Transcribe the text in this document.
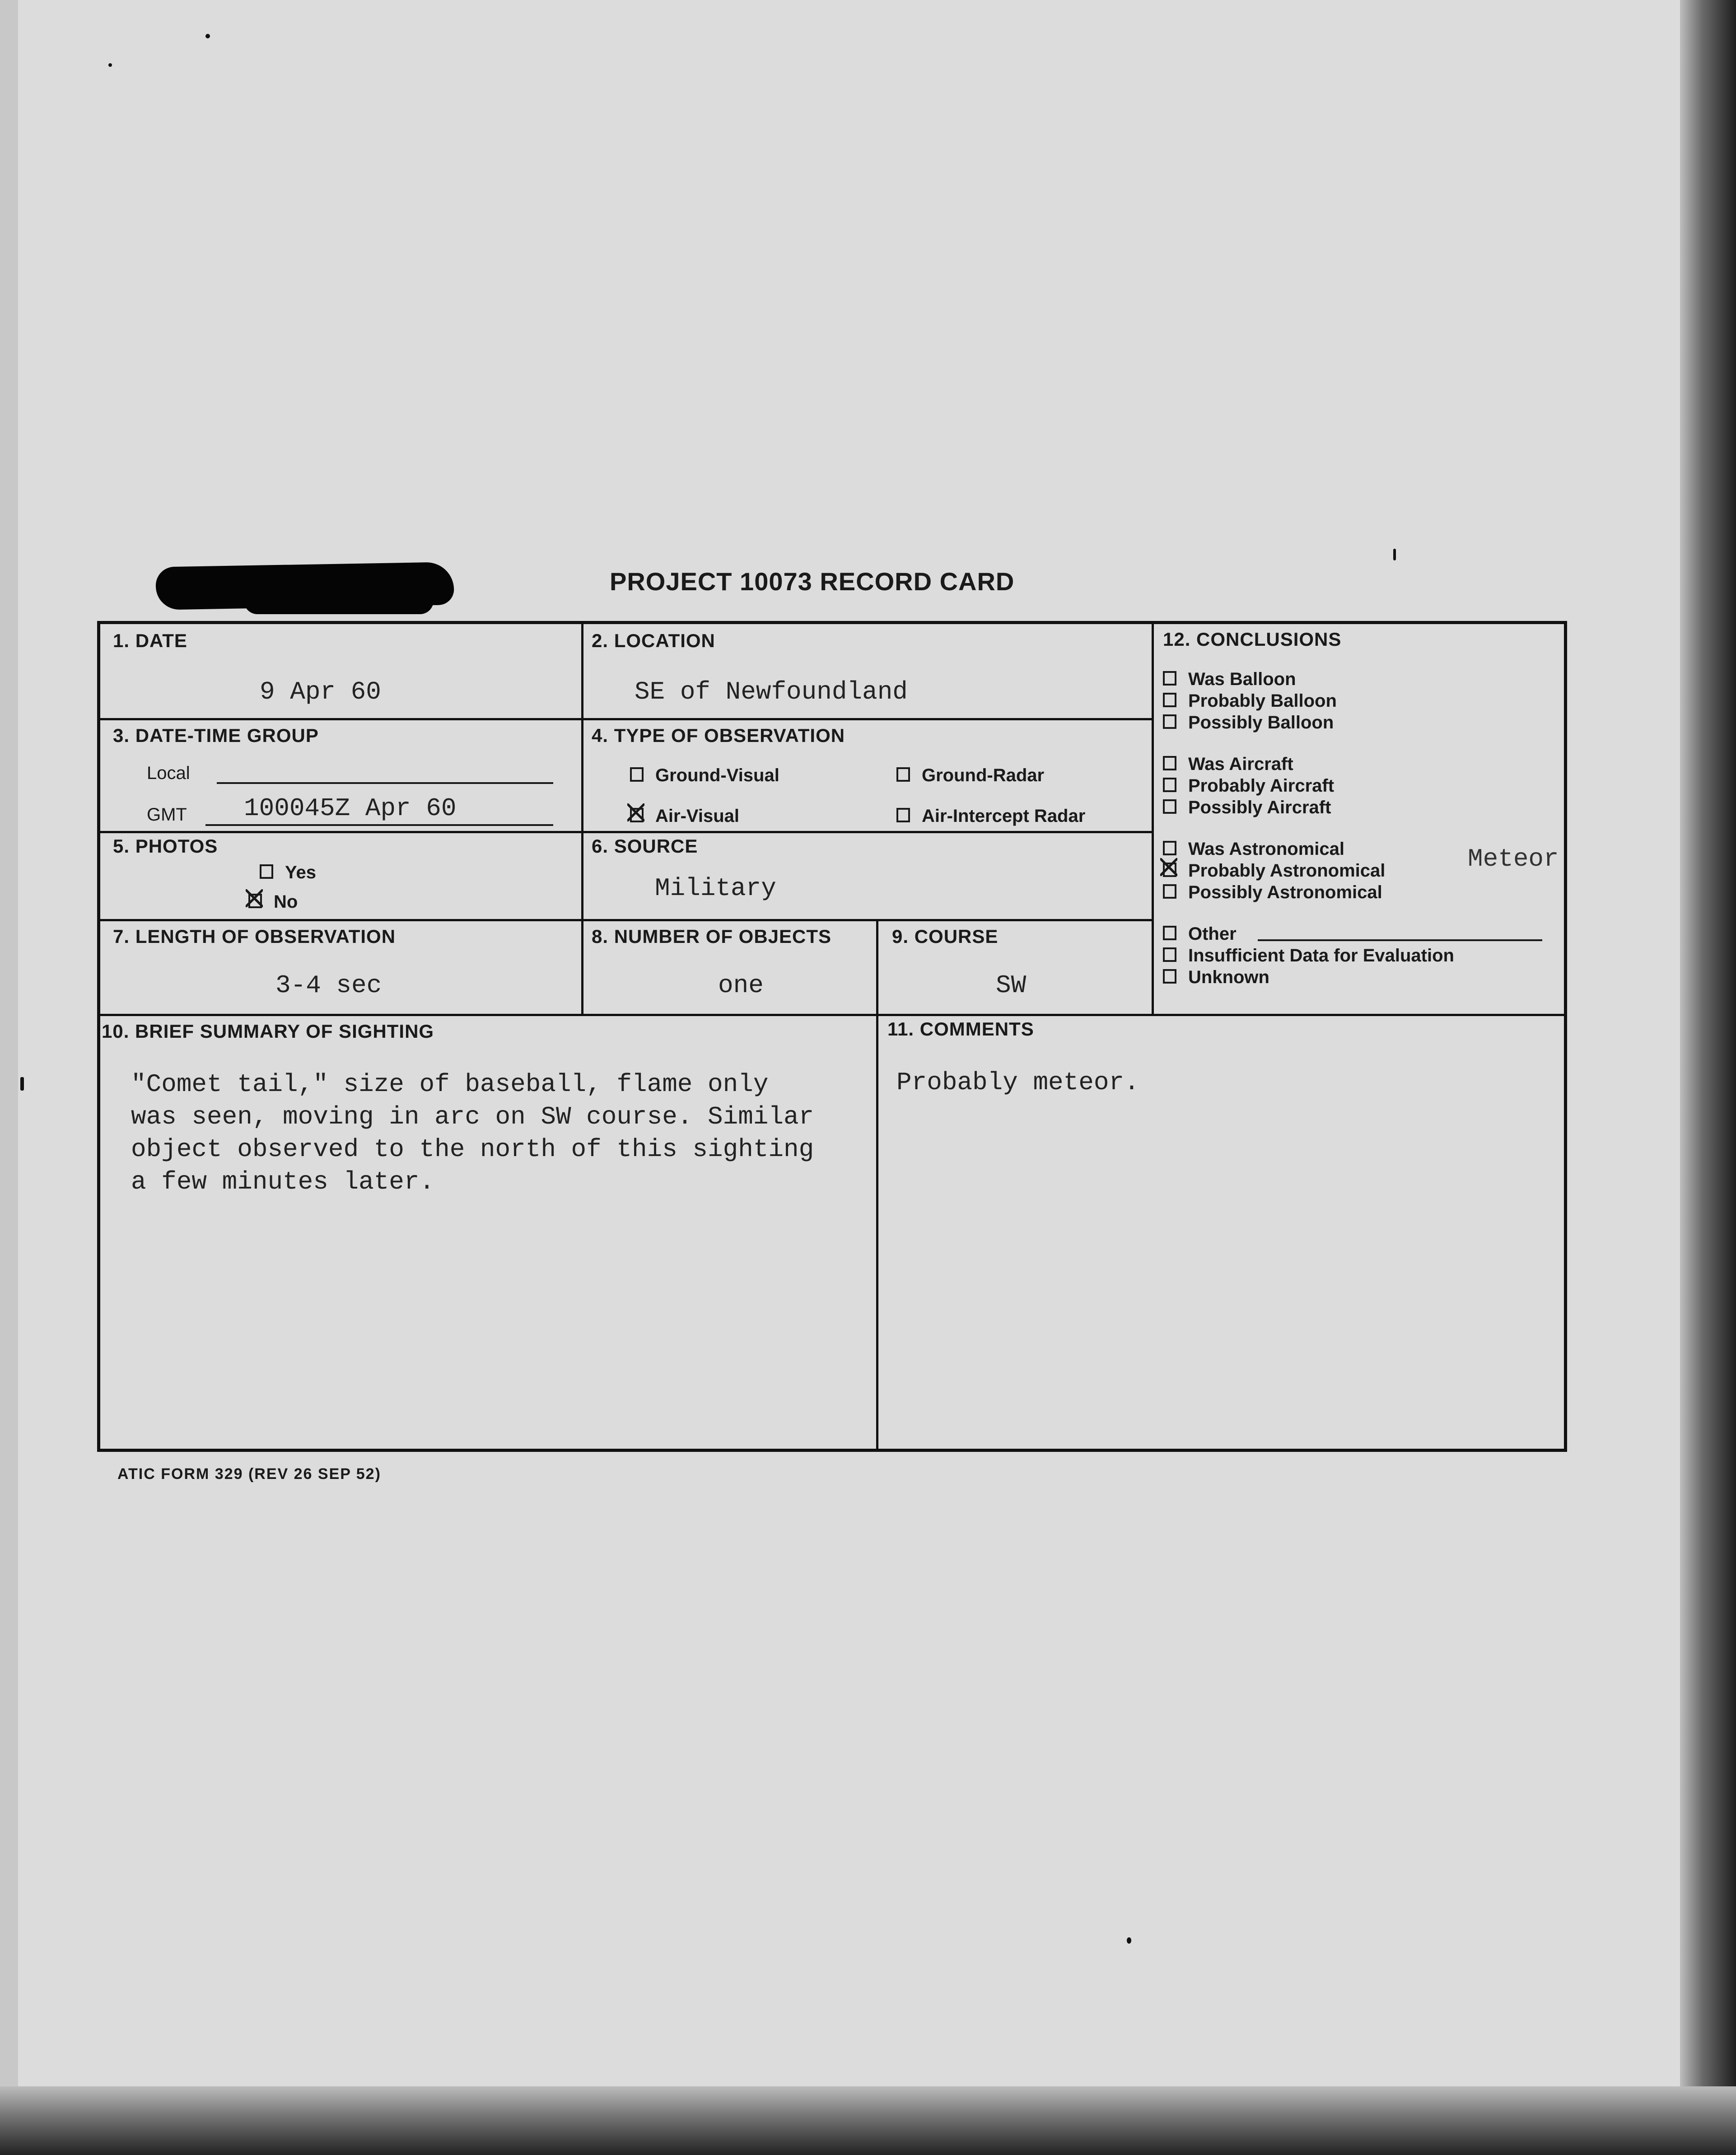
PROJECT 10073 RECORD CARD
1. DATE
9 Apr 60
2. LOCATION
SE of Newfoundland
3. DATE-TIME GROUP
Local
GMT 100045Z Apr 60
4. TYPE OF OBSERVATION
Ground-Visual	Ground-Radar
Air-Visual	Air-Intercept Radar
5. PHOTOS
Yes
No
6. SOURCE
Military
7. LENGTH OF OBSERVATION
3-4 sec
8. NUMBER OF OBJECTS
one
9. COURSE
SW
10. BRIEF SUMMARY OF SIGHTING
"Comet tail," size of baseball, flame only
was seen, moving in arc on SW course. Similar
object observed to the north of this sighting
a few minutes later.
11. COMMENTS
Probably meteor.
12. CONCLUSIONS
Was Balloon
Probably Balloon
Possibly Balloon
Was Aircraft
Probably Aircraft
Possibly Aircraft
Was Astronomical
Probably Astronomical
Possibly Astronomical
Other
Insufficient Data for Evaluation
Unknown
Meteor
ATIC FORM 329 (REV 26 SEP 52)
